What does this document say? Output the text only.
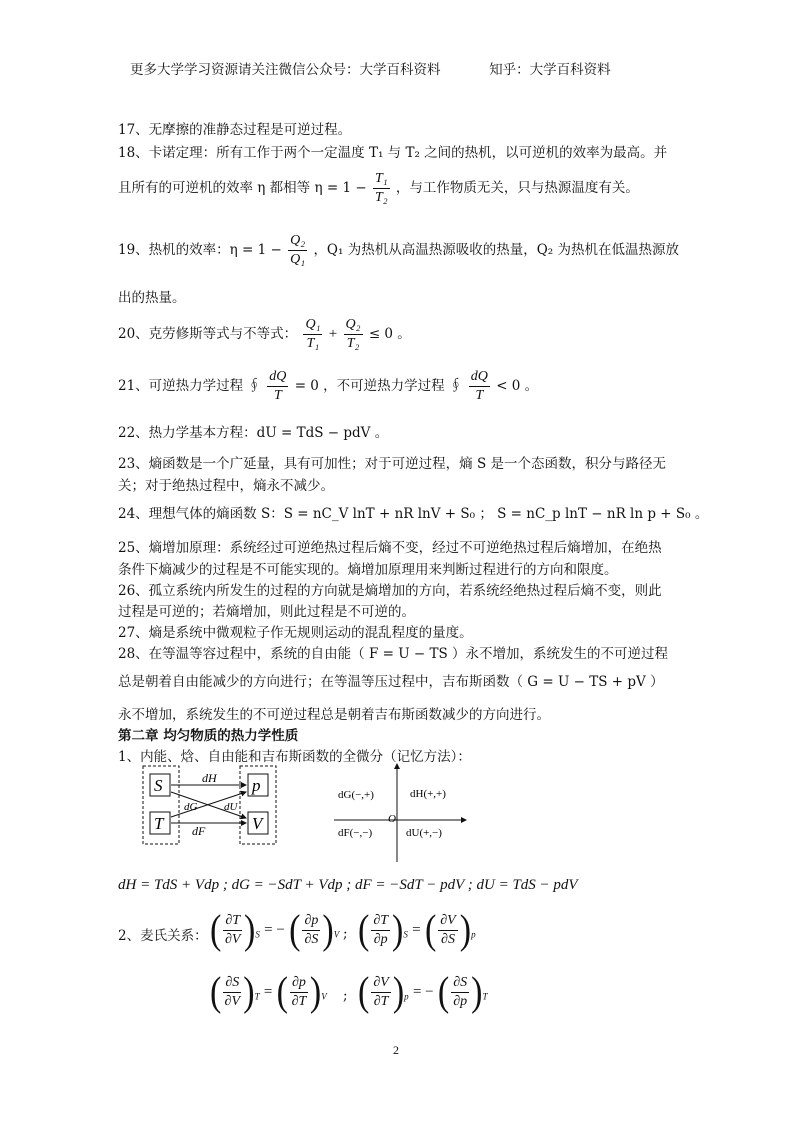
更多大学学习资源请关注微信公众号：大学百科资料	知乎：大学百科资料
17、无摩擦的准静态过程是可逆过程。
18、卡诺定理：所有工作于两个一定温度 T₁ 与 T₂ 之间的热机，以可逆机的效率为最高。并
且所有的可逆机的效率 η 都相等 $\eta = 1 - \frac{\text{T₁}}{\text{T₂}}$ ，与工作物质无关，只与热源温度有关。
19、热机的效率：$\eta = 1 - \frac{\text{Q₂}}{\text{Q₁}}$ ，Q₁ 为热机从高温热源吸收的热量，Q₂ 为热机在低温热源放
出的热量。
20、克劳修斯等式与不等式： $\frac{\text{Q₁}}{\text{T₁}} + \frac{\text{Q₂}}{\text{T₂}} \le 0$ 。
21、可逆热力学过程 ∮ $\frac{dQ}{T} = 0$ ，不可逆热力学过程 ∮ $\frac{dQ}{T} < 0$ 。
22、热力学基本方程：dU = TdS − pdV 。
23、熵函数是一个广延量，具有可加性；对于可逆过程，熵 S 是一个态函数，积分与路径无
关；对于绝热过程中，熵永不减少。
24、理想气体的熵函数 S：S = nC_V lnT + nR lnV + S₀ ； S = nC_p lnT − nR ln p + S₀ 。
25、熵增加原理：系统经过可逆绝热过程后熵不变，经过不可逆绝热过程后熵增加，在绝热
条件下熵减少的过程是不可能实现的。熵增加原理用来判断过程进行的方向和限度。
26、孤立系统内所发生的过程的方向就是熵增加的方向，若系统经绝热过程后熵不变，则此
过程是可逆的；若熵增加，则此过程是不可逆的。
27、熵是系统中微观粒子作无规则运动的混乱程度的量度。
28、在等温等容过程中，系统的自由能（ F = U − TS ）永不增加，系统发生的不可逆过程
总是朝着自由能减少的方向进行；在等温等压过程中，吉布斯函数（ G = U − TS + pV ）
永不增加，系统发生的不可逆过程总是朝着吉布斯函数减少的方向进行。
第二章 均匀物质的热力学性质
1、内能、焓、自由能和吉布斯函数的全微分（记忆方法）：
S
T
p
V
dH
dG dU
dF
dG(−,+)	dH(+,+)
dF(−,−)	dU(+,−)
O
dH = TdS + Vdp ; dG = −SdT + Vdp ; dF = −SdT − pdV ; dU = TdS − pdV
2、麦氏关系： ( $\frac{\partial T}{\partial V} )_S$ = − ( $\frac{\partial p}{\partial S} )_V$ ; ( $\frac{\partial T}{\partial p} )_S$ = ( $\frac{\partial V}{\partial S} )_p$
( $\frac{\partial S}{\partial V} )_T$ = ( $\frac{\partial p}{\partial T} )_V$ ; ( $\frac{\partial V}{\partial T} )_p$ = − ( $\frac{\partial S}{\partial p} )_T$
2
